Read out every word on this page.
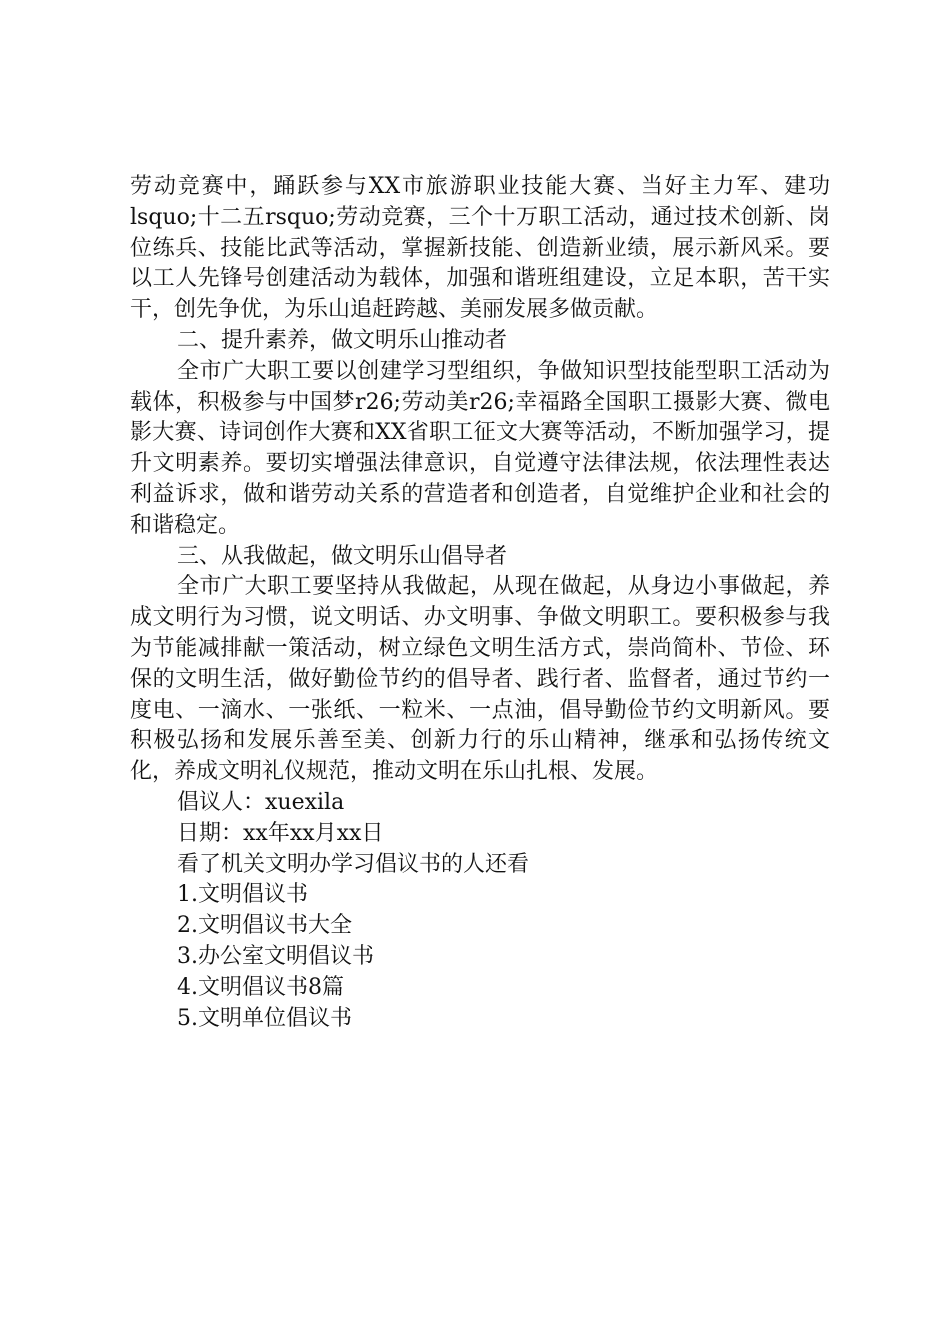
劳动竞赛中，踊跃参与XX市旅游职业技能大赛、当好主力军、建功lsquo;十二五rsquo;劳动竞赛，三个十万职工活动，通过技术创新、岗位练兵、技能比武等活动，掌握新技能、创造新业绩，展示新风采。要以工人先锋号创建活动为载体，加强和谐班组建设，立足本职，苦干实干，创先争优，为乐山追赶跨越、美丽发展多做贡献。

二、提升素养，做文明乐山推动者

全市广大职工要以创建学习型组织，争做知识型技能型职工活动为载体，积极参与中国梦r26;劳动美r26;幸福路全国职工摄影大赛、微电影大赛、诗词创作大赛和XX省职工征文大赛等活动，不断加强学习，提升文明素养。要切实增强法律意识，自觉遵守法律法规，依法理性表达利益诉求，做和谐劳动关系的营造者和创造者，自觉维护企业和社会的和谐稳定。

三、从我做起，做文明乐山倡导者

全市广大职工要坚持从我做起，从现在做起，从身边小事做起，养成文明行为习惯，说文明话、办文明事、争做文明职工。要积极参与我为节能减排献一策活动，树立绿色文明生活方式，崇尚简朴、节俭、环保的文明生活，做好勤俭节约的倡导者、践行者、监督者，通过节约一度电、一滴水、一张纸、一粒米、一点油，倡导勤俭节约文明新风。要积极弘扬和发展乐善至美、创新力行的乐山精神，继承和弘扬传统文化，养成文明礼仪规范，推动文明在乐山扎根、发展。

倡议人：xuexila

日期：xx年xx月xx日

看了机关文明办学习倡议书的人还看

1.文明倡议书

2.文明倡议书大全

3.办公室文明倡议书

4.文明倡议书8篇

5.文明单位倡议书
